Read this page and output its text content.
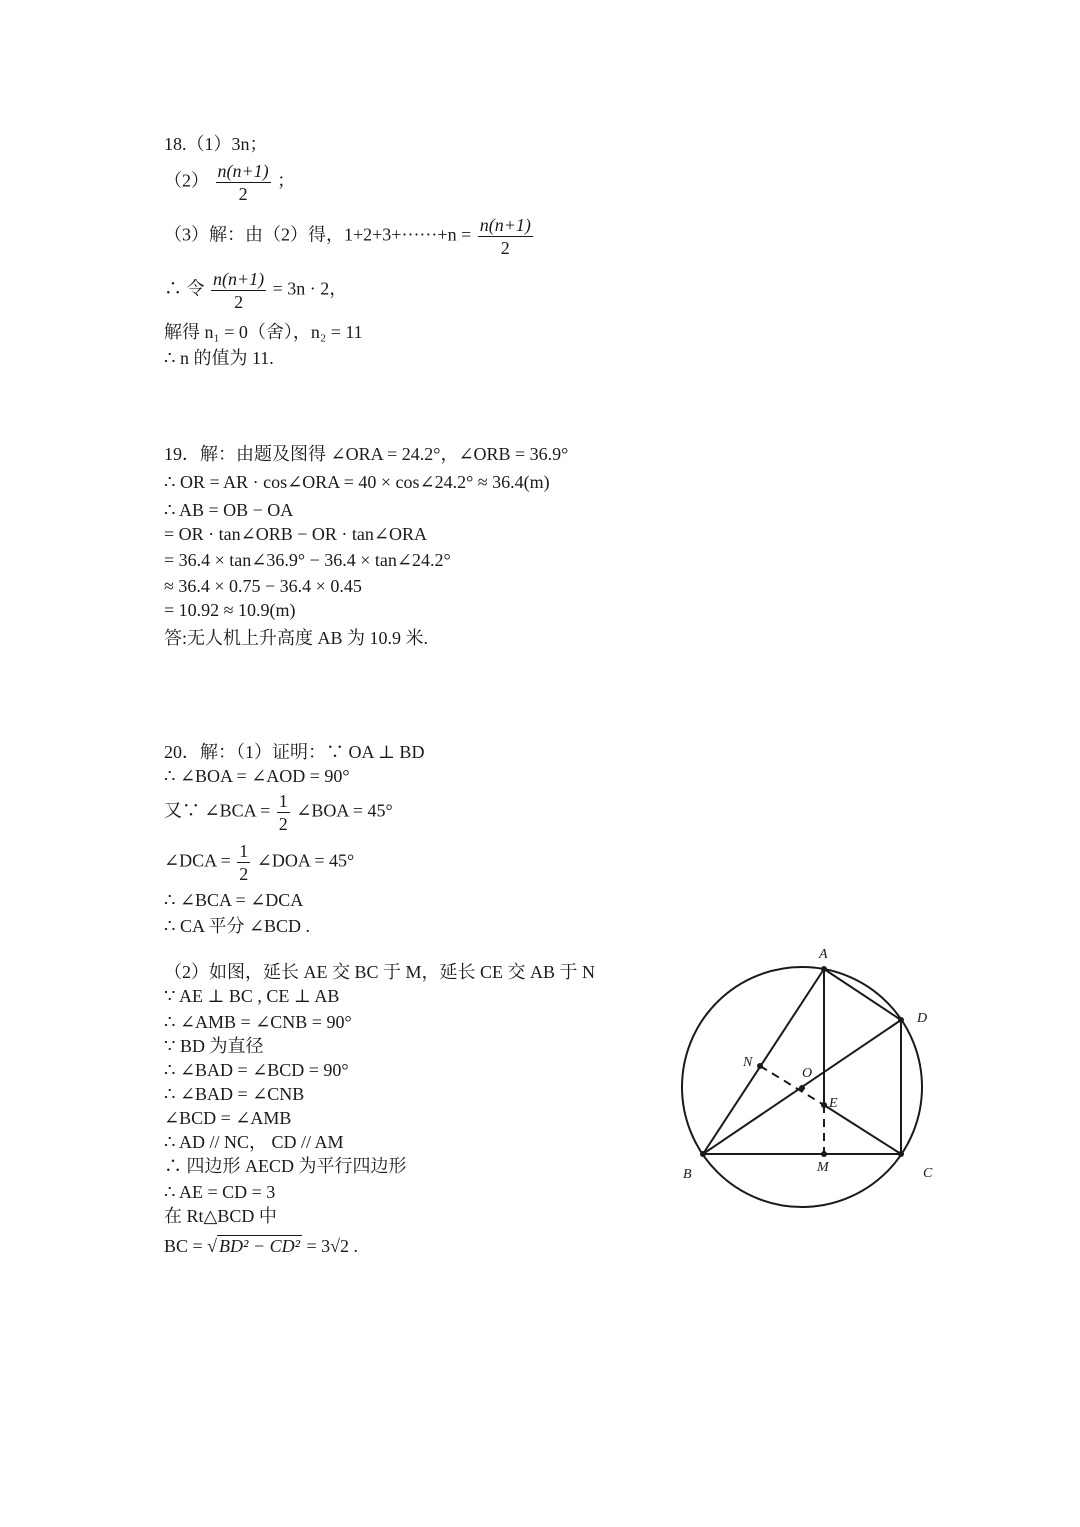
18.（1）3n；
$(2) \frac{n(n+1)}{2}$ ；
（3）解：由（2）得，$1+2+3+\cdot\cdot\cdot\cdot\cdot\cdot+n = \frac{n(n+1)}{2}$
∴ 令 $\frac{n(n+1)}{2} = 3n \cdot 2$，
解得 n₁ = 0（舍），n₂ = 11
∴ n 的值为 11.
19．解：由题及图得 ∠ORA = 24.2°，∠ORB = 36.9°
∴ OR = AR · cos∠ORA = 40 × cos∠24.2° ≈ 36.4(m)
∴ AB = OB − OA
= OR · tan∠ORB − OR · tan∠ORA
= 36.4 × tan∠36.9° − 36.4 × tan∠24.2°
≈ 36.4 × 0.75 − 36.4 × 0.45
= 10.92 ≈ 10.9(m)
答:无人机上升高度 AB 为 10.9 米.
20．解：（1）证明：∵ OA ⊥ BD
∴ ∠BOA = ∠AOD = 90°
又∵ ∠BCA = $\frac{1}{2}$ ∠BOA = 45°
∠DCA = $\frac{1}{2}$ ∠DOA = 45°
∴ ∠BCA = ∠DCA
∴ CA 平分 ∠BCD .
（2）如图，延长 AE 交 BC 于 M，延长 CE 交 AB 于 N
∵ AE ⊥ BC , CE ⊥ AB
∴ ∠AMB = ∠CNB = 90°
∵ BD 为直径
∴ ∠BAD = ∠BCD = 90°
∴ ∠BAD = ∠CNB
∠BCD = ∠AMB
∴ AD // NC， CD // AM
∴ 四边形 AECD 为平行四边形
∴ AE = CD = 3
在 Rt△BCD 中
BC = √ BD² − CD² = 3√2 .
A
D
B	C
M
E
N
O
